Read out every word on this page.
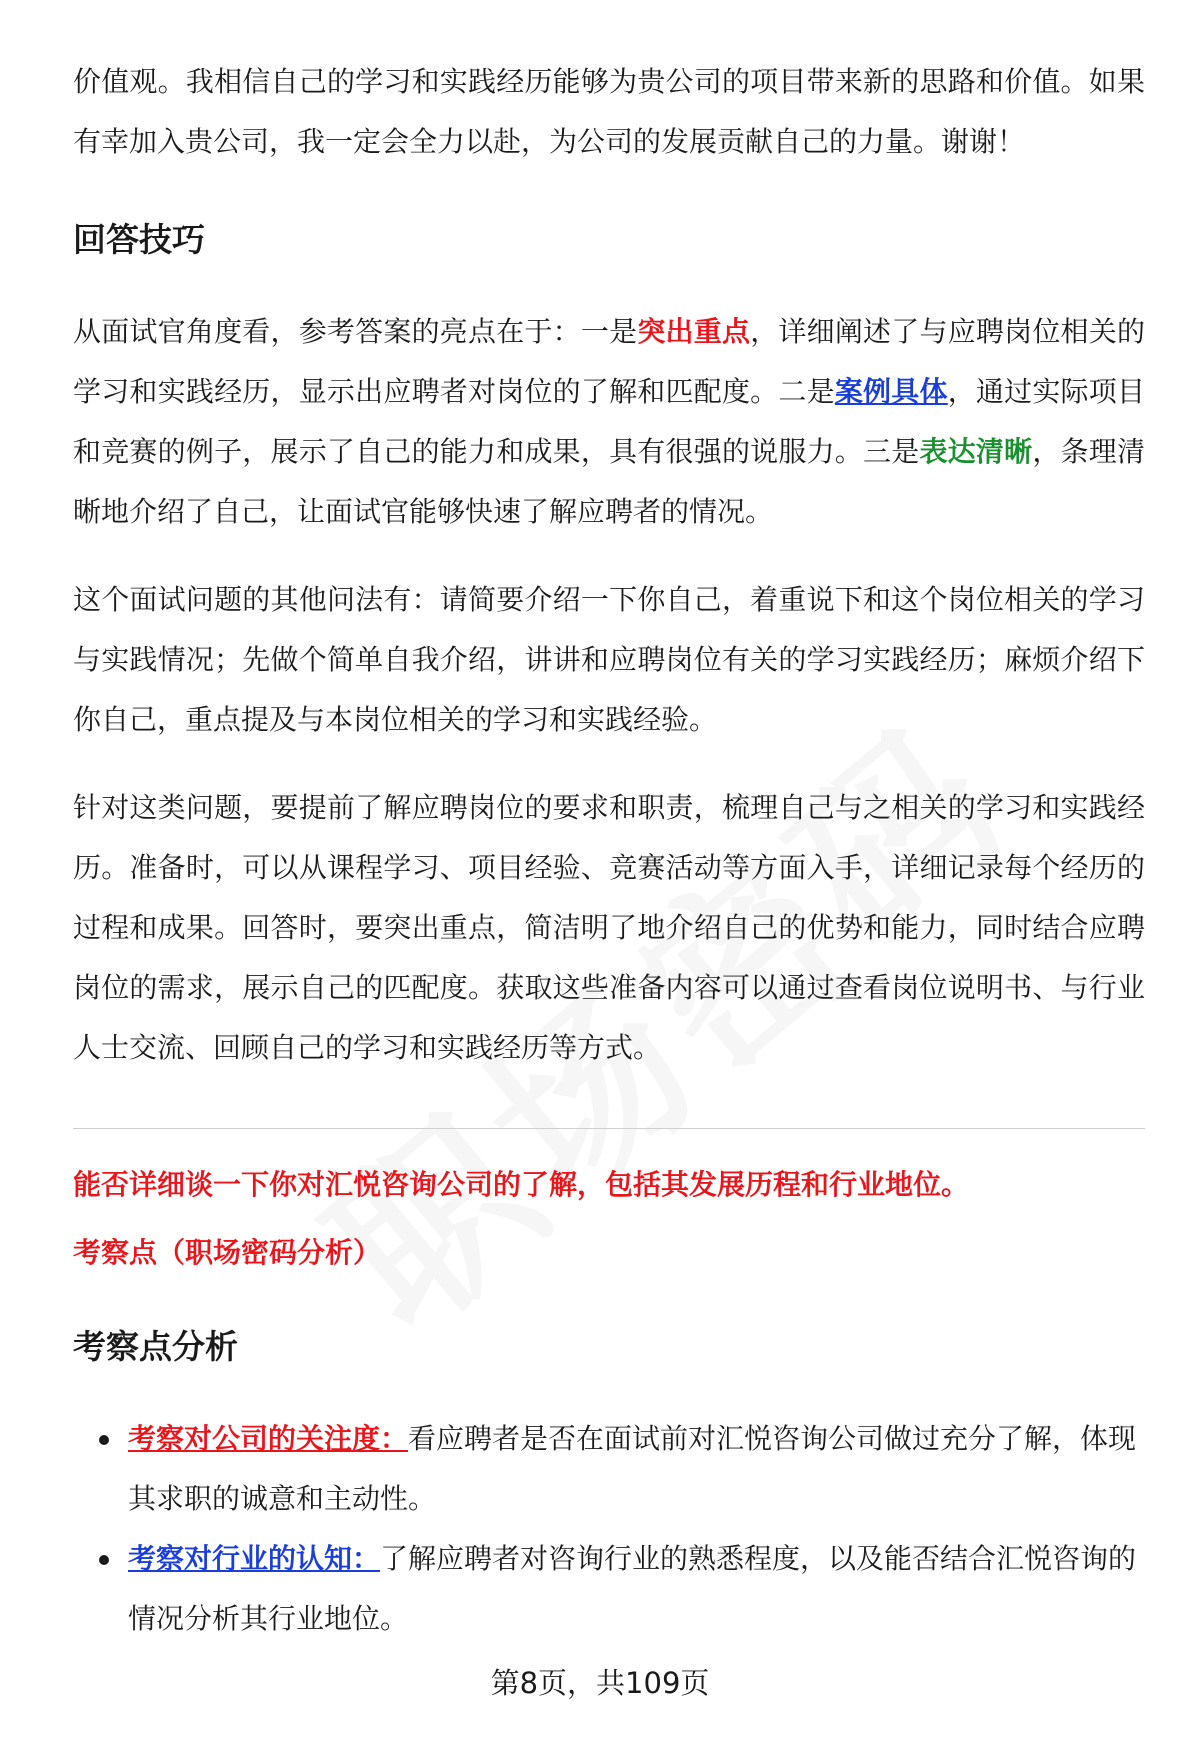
价值观。我相信自己的学习和实践经历能够为贵公司的项目带来新的思路和价值。如果有幸加入贵公司，我一定会全力以赴，为公司的发展贡献自己的力量。谢谢！

回答技巧

从面试官角度看，参考答案的亮点在于：一是突出重点，详细阐述了与应聘岗位相关的学习和实践经历，显示出应聘者对岗位的了解和匹配度。二是案例具体，通过实际项目和竞赛的例子，展示了自己的能力和成果，具有很强的说服力。三是表达清晰，条理清晰地介绍了自己，让面试官能够快速了解应聘者的情况。

这个面试问题的其他问法有：请简要介绍一下你自己，着重说下和这个岗位相关的学习与实践情况；先做个简单自我介绍，讲讲和应聘岗位有关的学习实践经历；麻烦介绍下你自己，重点提及与本岗位相关的学习和实践经验。

针对这类问题，要提前了解应聘岗位的要求和职责，梳理自己与之相关的学习和实践经历。准备时，可以从课程学习、项目经验、竞赛活动等方面入手，详细记录每个经历的过程和成果。回答时，要突出重点，简洁明了地介绍自己的优势和能力，同时结合应聘岗位的需求，展示自己的匹配度。获取这些准备内容可以通过查看岗位说明书、与行业人士交流、回顾自己的学习和实践经历等方式。

能否详细谈一下你对汇悦咨询公司的了解，包括其发展历程和行业地位。

考察点（职场密码分析）

考察点分析
考察对公司的关注度：看应聘者是否在面试前对汇悦咨询公司做过充分了解，体现其求职的诚意和主动性。
考察对行业的认知：了解应聘者对咨询行业的熟悉程度，以及能否结合汇悦咨询的情况分析其行业地位。
第8页，共109页
